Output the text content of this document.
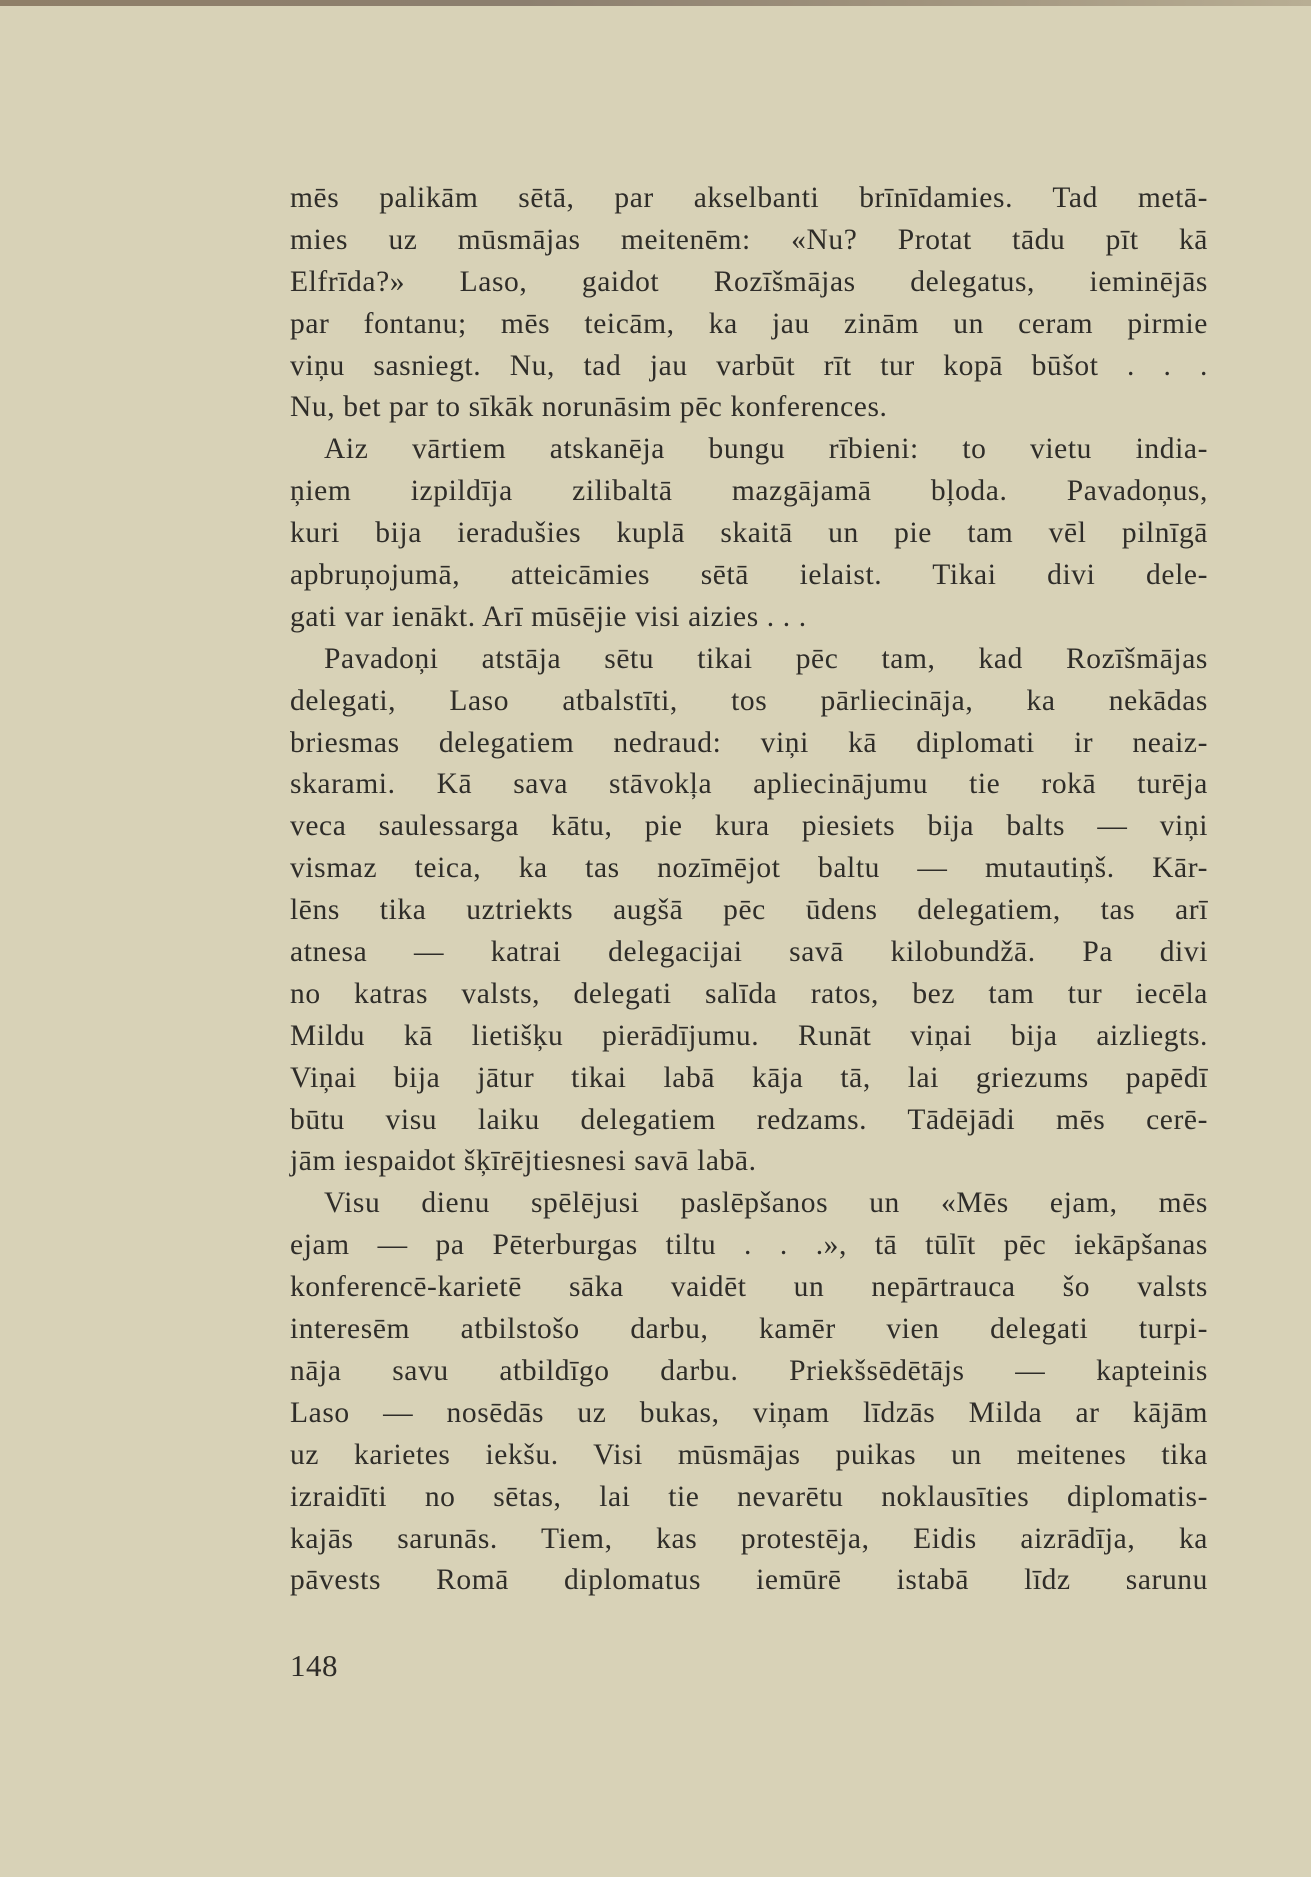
mēs palikām sētā, par akselbanti brīnīdamies. Tad metā-
mies uz mūsmājas meitenēm: «Nu? Protat tādu pīt kā
Elfrīda?» Laso, gaidot Rozīšmājas delegatus, ieminējās
par fontanu; mēs teicām, ka jau zinām un ceram pirmie
viņu sasniegt. Nu, tad jau varbūt rīt tur kopā būšot . . .
Nu, bet par to sīkāk norunāsim pēc konferences.
Aiz vārtiem atskanēja bungu rībieni: to vietu india-
ņiem izpildīja zilibaltā mazgājamā bļoda. Pavadoņus,
kuri bija ieradušies kuplā skaitā un pie tam vēl pilnīgā
apbruņojumā, atteicāmies sētā ielaist. Tikai divi dele-
gati var ienākt. Arī mūsējie visi aizies . . .
Pavadoņi atstāja sētu tikai pēc tam, kad Rozīšmājas
delegati, Laso atbalstīti, tos pārliecināja, ka nekādas
briesmas delegatiem nedraud: viņi kā diplomati ir neaiz-
skarami. Kā sava stāvokļa apliecinājumu tie rokā turēja
veca saulessarga kātu, pie kura piesiets bija balts — viņi
vismaz teica, ka tas nozīmējot baltu — mutautiņš. Kār-
lēns tika uztriekts augšā pēc ūdens delegatiem, tas arī
atnesa — katrai delegacijai savā kilobundžā. Pa divi
no katras valsts, delegati salīda ratos, bez tam tur iecēla
Mildu kā lietišķu pierādījumu. Runāt viņai bija aizliegts.
Viņai bija jātur tikai labā kāja tā, lai griezums papēdī
būtu visu laiku delegatiem redzams. Tādējādi mēs cerē-
jām iespaidot šķīrējtiesnesi savā labā.
Visu dienu spēlējusi paslēpšanos un «Mēs ejam, mēs
ejam — pa Pēterburgas tiltu . . .», tā tūlīt pēc iekāpšanas
konferencē-karietē sāka vaidēt un nepārtrauca šo valsts
interesēm atbilstošo darbu, kamēr vien delegati turpi-
nāja savu atbildīgo darbu. Priekšsēdētājs — kapteinis
Laso — nosēdās uz bukas, viņam līdzās Milda ar kājām
uz karietes iekšu. Visi mūsmājas puikas un meitenes tika
izraidīti no sētas, lai tie nevarētu noklausīties diplomatis-
kajās sarunās. Tiem, kas protestēja, Eidis aizrādīja, ka
pāvests Romā diplomatus iemūrē istabā līdz sarunu
148
